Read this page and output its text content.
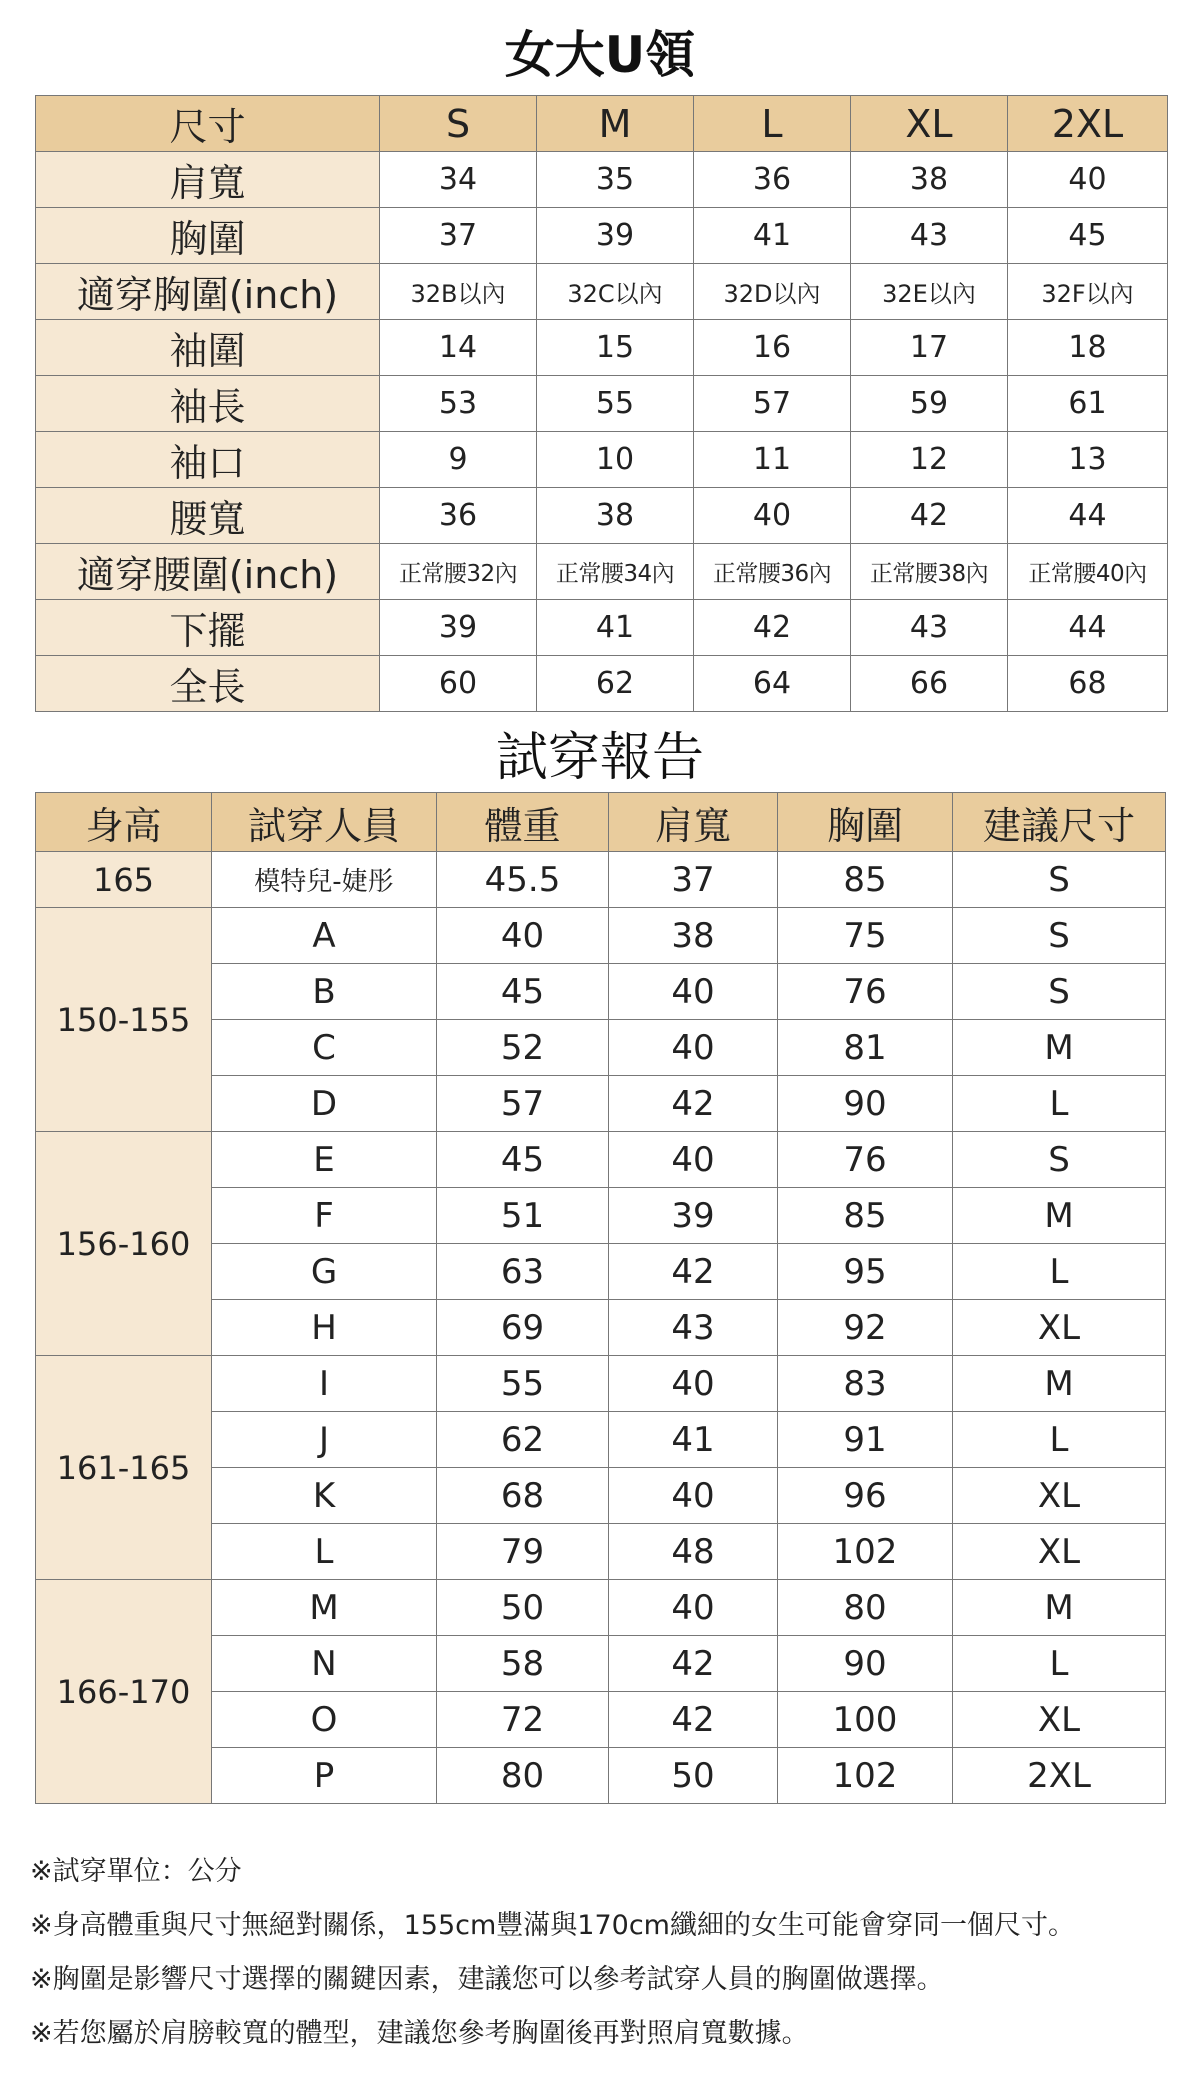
女大U領
尺寸	S	M	L	XL	2XL
肩寬	34	35	36	38	40
胸圍	37	39	41	43	45
適穿胸圍(inch)	32B以內	32C以內	32D以內	32E以內	32F以內
袖圍	14	15	16	17	18
袖長	53	55	57	59	61
袖口	9	10	11	12	13
腰寬	36	38	40	42	44
適穿腰圍(inch)	正常腰32內	正常腰34內	正常腰36內	正常腰38內	正常腰40內
下擺	39	41	42	43	44
全長	60	62	64	66	68
試穿報告
身高	試穿人員	體重	肩寬	胸圍	建議尺寸
165	模特兒-婕彤	45.5	37	85	S
150-155	A	40	38	75	S
	B	45	40	76	S
	C	52	40	81	M
	D	57	42	90	L
156-160	E	45	40	76	S
	F	51	39	85	M
	G	63	42	95	L
	H	69	43	92	XL
161-165	I	55	40	83	M
	J	62	41	91	L
	K	68	40	96	XL
	L	79	48	102	XL
166-170	M	50	40	80	M
	N	58	42	90	L
	O	72	42	100	XL
	P	80	50	102	2XL
※試穿單位：公分
※身高體重與尺寸無絕對關係，155cm豐滿與170cm纖細的女生可能會穿同一個尺寸。
※胸圍是影響尺寸選擇的關鍵因素，建議您可以參考試穿人員的胸圍做選擇。
※若您屬於肩膀較寬的體型，建議您參考胸圍後再對照肩寬數據。
